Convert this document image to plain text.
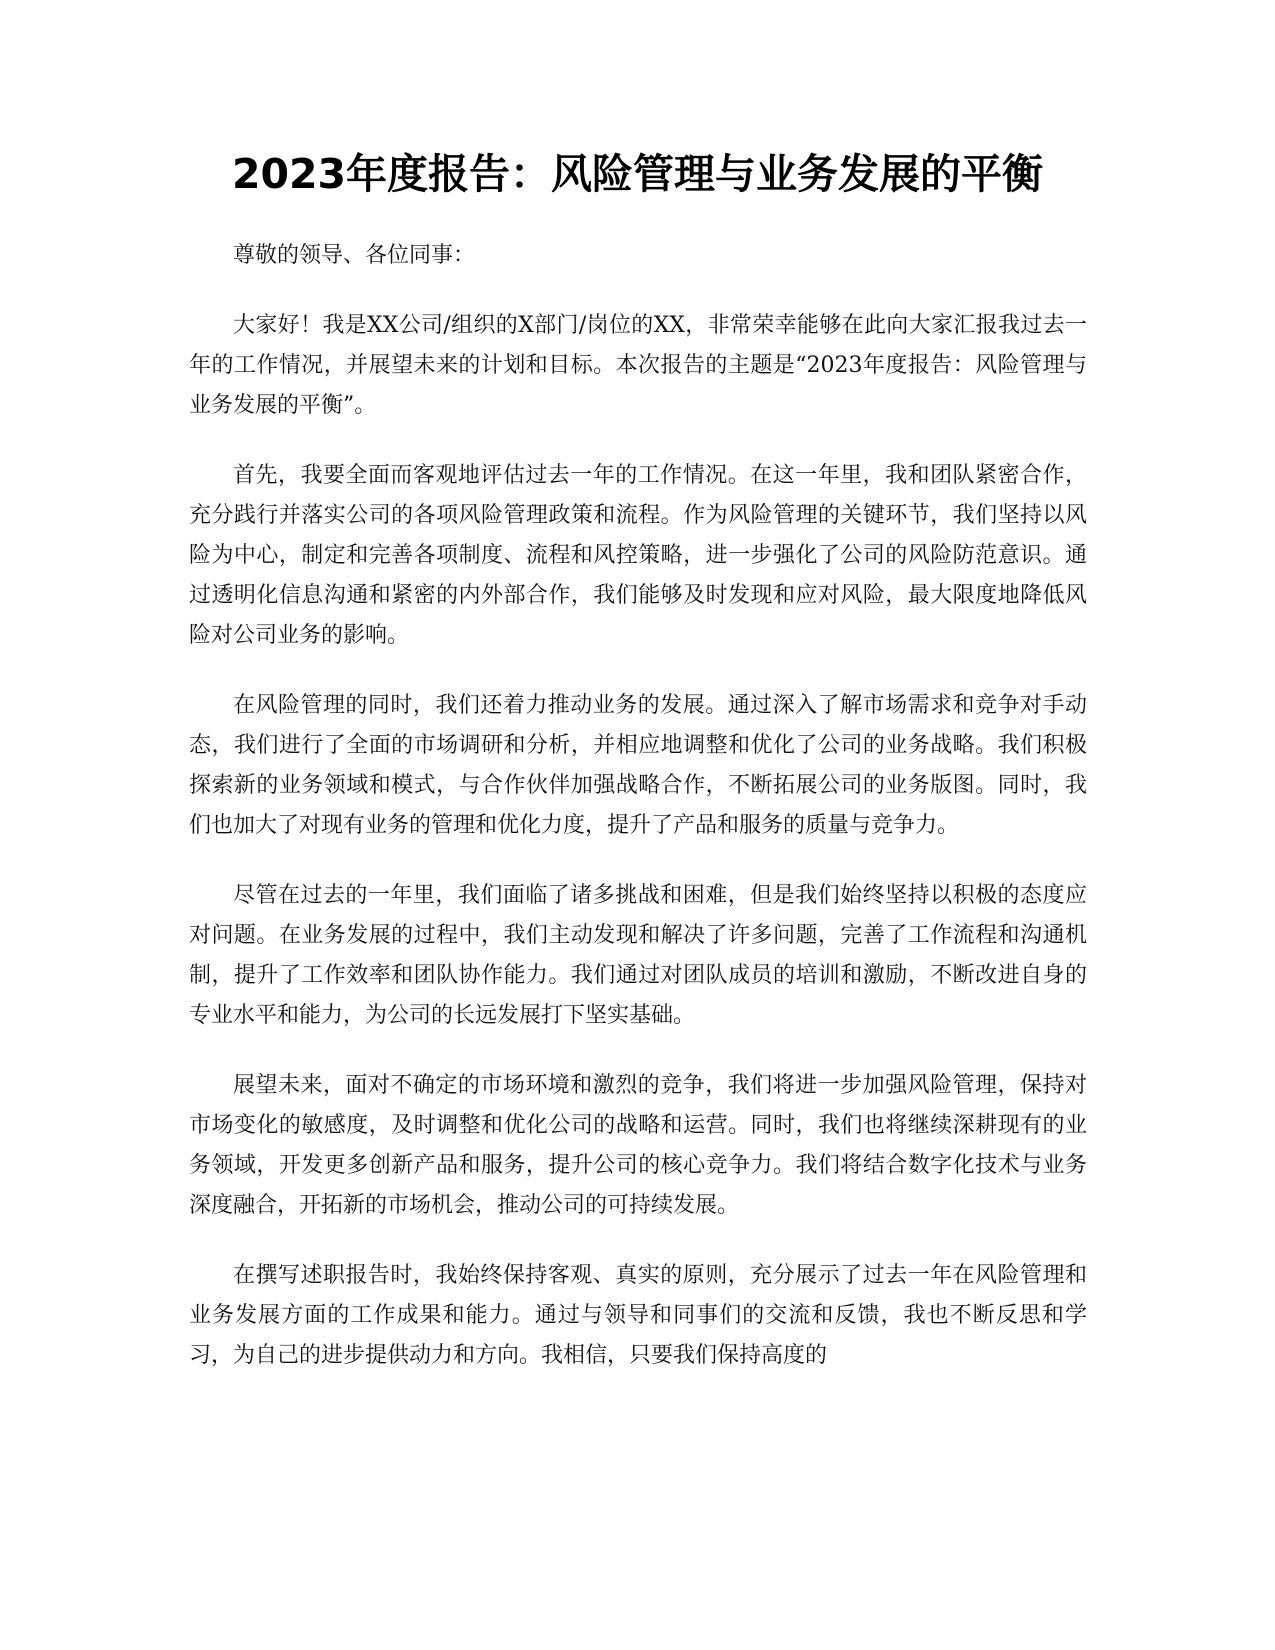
2023年度报告：风险管理与业务发展的平衡

尊敬的领导、各位同事：

大家好！我是XX公司/组织的X部门/岗位的XX，非常荣幸能够在此向大家汇报我过去一年的工作情况，并展望未来的计划和目标。本次报告的主题是“2023年度报告：风险管理与业务发展的平衡”。

首先，我要全面而客观地评估过去一年的工作情况。在这一年里，我和团队紧密合作，充分践行并落实公司的各项风险管理政策和流程。作为风险管理的关键环节，我们坚持以风险为中心，制定和完善各项制度、流程和风控策略，进一步强化了公司的风险防范意识。通过透明化信息沟通和紧密的内外部合作，我们能够及时发现和应对风险，最大限度地降低风险对公司业务的影响。

在风险管理的同时，我们还着力推动业务的发展。通过深入了解市场需求和竞争对手动态，我们进行了全面的市场调研和分析，并相应地调整和优化了公司的业务战略。我们积极探索新的业务领域和模式，与合作伙伴加强战略合作，不断拓展公司的业务版图。同时，我们也加大了对现有业务的管理和优化力度，提升了产品和服务的质量与竞争力。

尽管在过去的一年里，我们面临了诸多挑战和困难，但是我们始终坚持以积极的态度应对问题。在业务发展的过程中，我们主动发现和解决了许多问题，完善了工作流程和沟通机制，提升了工作效率和团队协作能力。我们通过对团队成员的培训和激励，不断改进自身的专业水平和能力，为公司的长远发展打下坚实基础。

展望未来，面对不确定的市场环境和激烈的竞争，我们将进一步加强风险管理，保持对市场变化的敏感度，及时调整和优化公司的战略和运营。同时，我们也将继续深耕现有的业务领域，开发更多创新产品和服务，提升公司的核心竞争力。我们将结合数字化技术与业务深度融合，开拓新的市场机会，推动公司的可持续发展。

在撰写述职报告时，我始终保持客观、真实的原则，充分展示了过去一年在风险管理和业务发展方面的工作成果和能力。通过与领导和同事们的交流和反馈，我也不断反思和学习，为自己的进步提供动力和方向。我相信，只要我们保持高度的
